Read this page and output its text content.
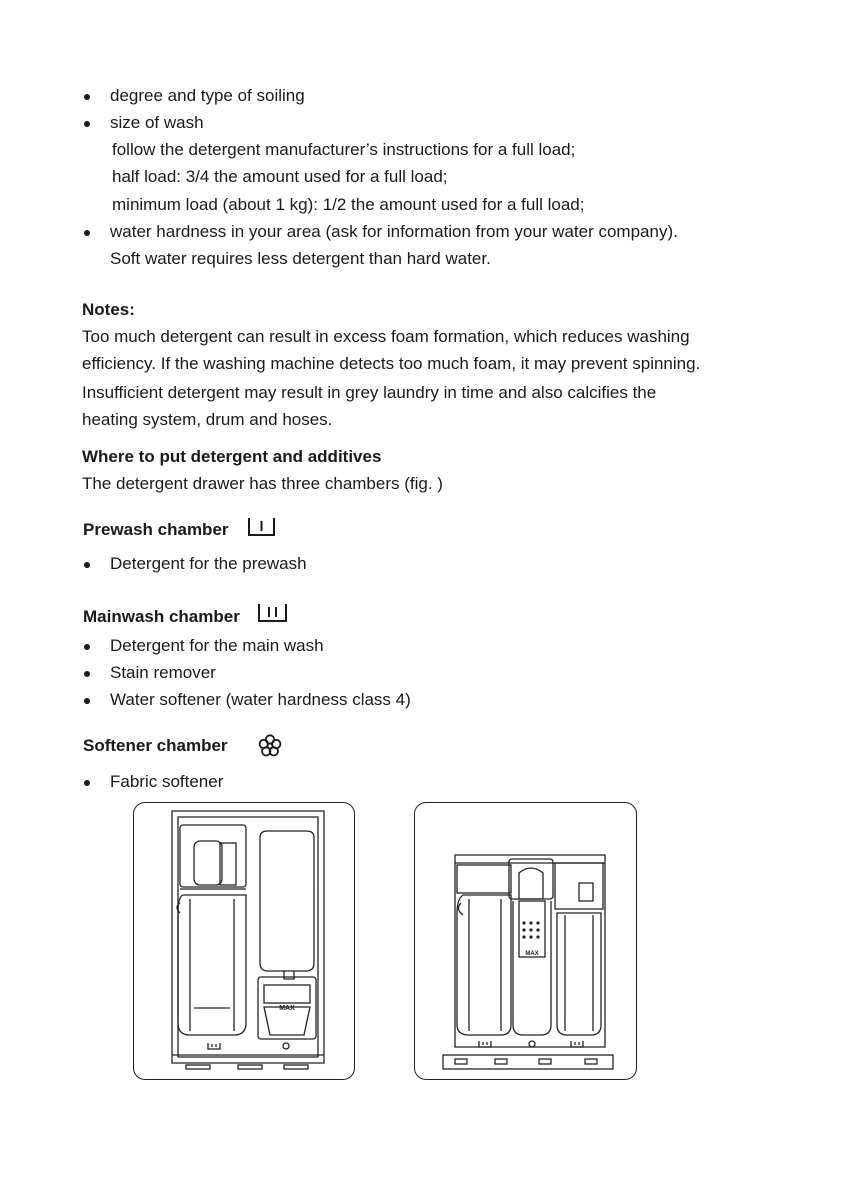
degree and type of soiling
size of wash
follow the detergent manufacturer’s instructions for a full load;
half load: 3/4 the amount used for a full load;
minimum load (about 1 kg): 1/2 the amount used for a full load;
water hardness in your area (ask for information from your water company).
Soft water requires less detergent than hard water.
Notes:
Too much detergent can result in excess foam formation, which reduces washing
efficiency. If the washing machine detects too much foam, it may prevent spinning.
Insufficient detergent may result in grey laundry in time and also calcifies the
heating system, drum and hoses.
Where to put detergent and additives
The detergent drawer has three chambers (fig. )
Prewash chamber
Detergent for the prewash
Mainwash chamber
Detergent for the main wash
Stain remover
Water softener (water hardness class 4)
Softener chamber
Fabric softener
MAX
MAX
